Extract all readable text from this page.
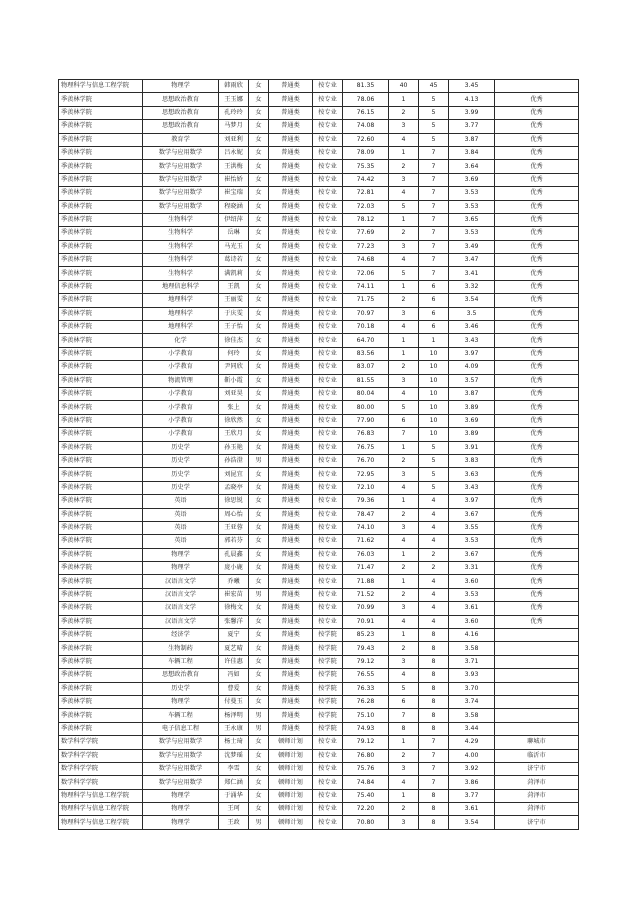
物理科学与信息工程学院	物理学	韩雨欣	女	普通类	按专业	81.35	40	45	3.45	
季羡林学院	思想政治教育	王玉娜	女	普通类	按专业	78.06	1	5	4.13	优秀
季羡林学院	思想政治教育	孔玲玲	女	普通类	按专业	76.15	2	5	3.99	优秀
季羡林学院	思想政治教育	马梦月	女	普通类	按专业	74.08	3	5	3.77	优秀
季羡林学院	教育学	刘亚利	女	普通类	按专业	72.60	4	5	3.87	优秀
季羡林学院	数学与应用数学	吕永妮	女	普通类	按专业	78.09	1	7	3.84	优秀
季羡林学院	数学与应用数学	王洪梅	女	普通类	按专业	75.35	2	7	3.64	优秀
季羡林学院	数学与应用数学	崔怡娇	女	普通类	按专业	74.42	3	7	3.69	优秀
季羡林学院	数学与应用数学	崔宝瑞	女	普通类	按专业	72.81	4	7	3.53	优秀
季羡林学院	数学与应用数学	程晓涵	女	普通类	按专业	72.03	5	7	3.53	优秀
季羡林学院	生物科学	伊绍萍	女	普通类	按专业	78.12	1	7	3.65	优秀
季羡林学院	生物科学	岳琳	女	普通类	按专业	77.69	2	7	3.53	优秀
季羡林学院	生物科学	马光玉	女	普通类	按专业	77.23	3	7	3.49	优秀
季羡林学院	生物科学	葛诗若	女	普通类	按专业	74.68	4	7	3.47	优秀
季羡林学院	生物科学	满凯莉	女	普通类	按专业	72.06	5	7	3.41	优秀
季羡林学院	地理信息科学	王凯	女	普通类	按专业	74.11	1	6	3.32	优秀
季羡林学院	地理科学	王丽雯	女	普通类	按专业	71.75	2	6	3.54	优秀
季羡林学院	地理科学	于庆雯	女	普通类	按专业	70.97	3	6	3.5	优秀
季羡林学院	地理科学	王子怡	女	普通类	按专业	70.18	4	6	3.46	优秀
季羡林学院	化学	徐佳杰	女	普通类	按专业	64.70	1	1	3.43	优秀
季羡林学院	小学教育	何玲	女	普通类	按专业	83.56	1	10	3.97	优秀
季羡林学院	小学教育	尹同欣	女	普通类	按专业	83.07	2	10	4.09	优秀
季羡林学院	物流管理	靳小霞	女	普通类	按专业	81.55	3	10	3.57	优秀
季羡林学院	小学教育	刘亚昊	女	普通类	按专业	80.04	4	10	3.87	优秀
季羡林学院	小学教育	张上	女	普通类	按专业	80.00	5	10	3.89	优秀
季羡林学院	小学教育	徐欣然	女	普通类	按专业	77.90	6	10	3.69	优秀
季羡林学院	小学教育	王欣月	女	普通类	按专业	76.83	7	10	3.89	优秀
季羡林学院	历史学	孙玉艳	女	普通类	按专业	76.75	1	5	3.91	优秀
季羡林学院	历史学	孙浩澄	男	普通类	按专业	76.70	2	5	3.83	优秀
季羡林学院	历史学	刘昆宜	女	普通类	按专业	72.95	3	5	3.63	优秀
季羡林学院	历史学	孟晓亭	女	普通类	按专业	72.10	4	5	3.43	优秀
季羡林学院	英语	徐思锐	女	普通类	按专业	79.36	1	4	3.97	优秀
季羡林学院	英语	周心怡	女	普通类	按专业	78.47	2	4	3.67	优秀
季羡林学院	英语	王亚蓉	女	普通类	按专业	74.10	3	4	3.55	优秀
季羡林学院	英语	郭若芬	女	普通类	按专业	71.62	4	4	3.53	优秀
季羡林学院	物理学	孔晨鑫	女	普通类	按专业	76.03	1	2	3.67	优秀
季羡林学院	物理学	庞小鹿	女	普通类	按专业	71.47	2	2	3.31	优秀
季羡林学院	汉语言文学	乔曦	女	普通类	按专业	71.88	1	4	3.60	优秀
季羡林学院	汉语言文学	崔宏苗	男	普通类	按专业	71.52	2	4	3.53	优秀
季羡林学院	汉语言文学	徐梅文	女	普通类	按专业	70.99	3	4	3.61	优秀
季羡林学院	汉语言文学	张馨洋	女	普通类	按专业	70.91	4	4	3.60	优秀
季羡林学院	经济学	夏宁	女	普通类	按学院	85.23	1	8	4.16	
季羡林学院	生物制药	夏艺晴	女	普通类	按学院	79.43	2	8	3.58	
季羡林学院	车辆工程	许佳惠	女	普通类	按学院	79.12	3	8	3.71	
季羡林学院	思想政治教育	冯如	女	普通类	按学院	76.55	4	8	3.93	
季羡林学院	历史学	曹爱	女	普通类	按学院	76.33	5	8	3.70	
季羡林学院	物理学	付曼玉	女	普通类	按学院	76.28	6	8	3.74	
季羡林学院	车辆工程	杨泽明	男	普通类	按学院	75.10	7	8	3.58	
季羡林学院	电子信息工程	王永康	男	普通类	按学院	74.93	8	8	3.44	
数学科学学院	数学与应用数学	杨士琦	女	顿师计划	按专业	79.12	1	7	4.29	聊城市
数学科学学院	数学与应用数学	沈梦瑶	女	顿师计划	按专业	76.80	2	7	4.00	临沂市
数学科学学院	数学与应用数学	李雪	女	顿师计划	按专业	75.76	3	7	3.92	济宁市
数学科学学院	数学与应用数学	郑仁涵	女	顿师计划	按专业	74.84	4	7	3.86	菏泽市
物理科学与信息工程学院	物理学	于涌华	女	顿师计划	按专业	75.40	1	8	3.77	菏泽市
物理科学与信息工程学院	物理学	王珂	女	顿师计划	按专业	72.20	2	8	3.61	菏泽市
物理科学与信息工程学院	物理学	王政	男	顿师计划	按专业	70.80	3	8	3.54	济宁市
